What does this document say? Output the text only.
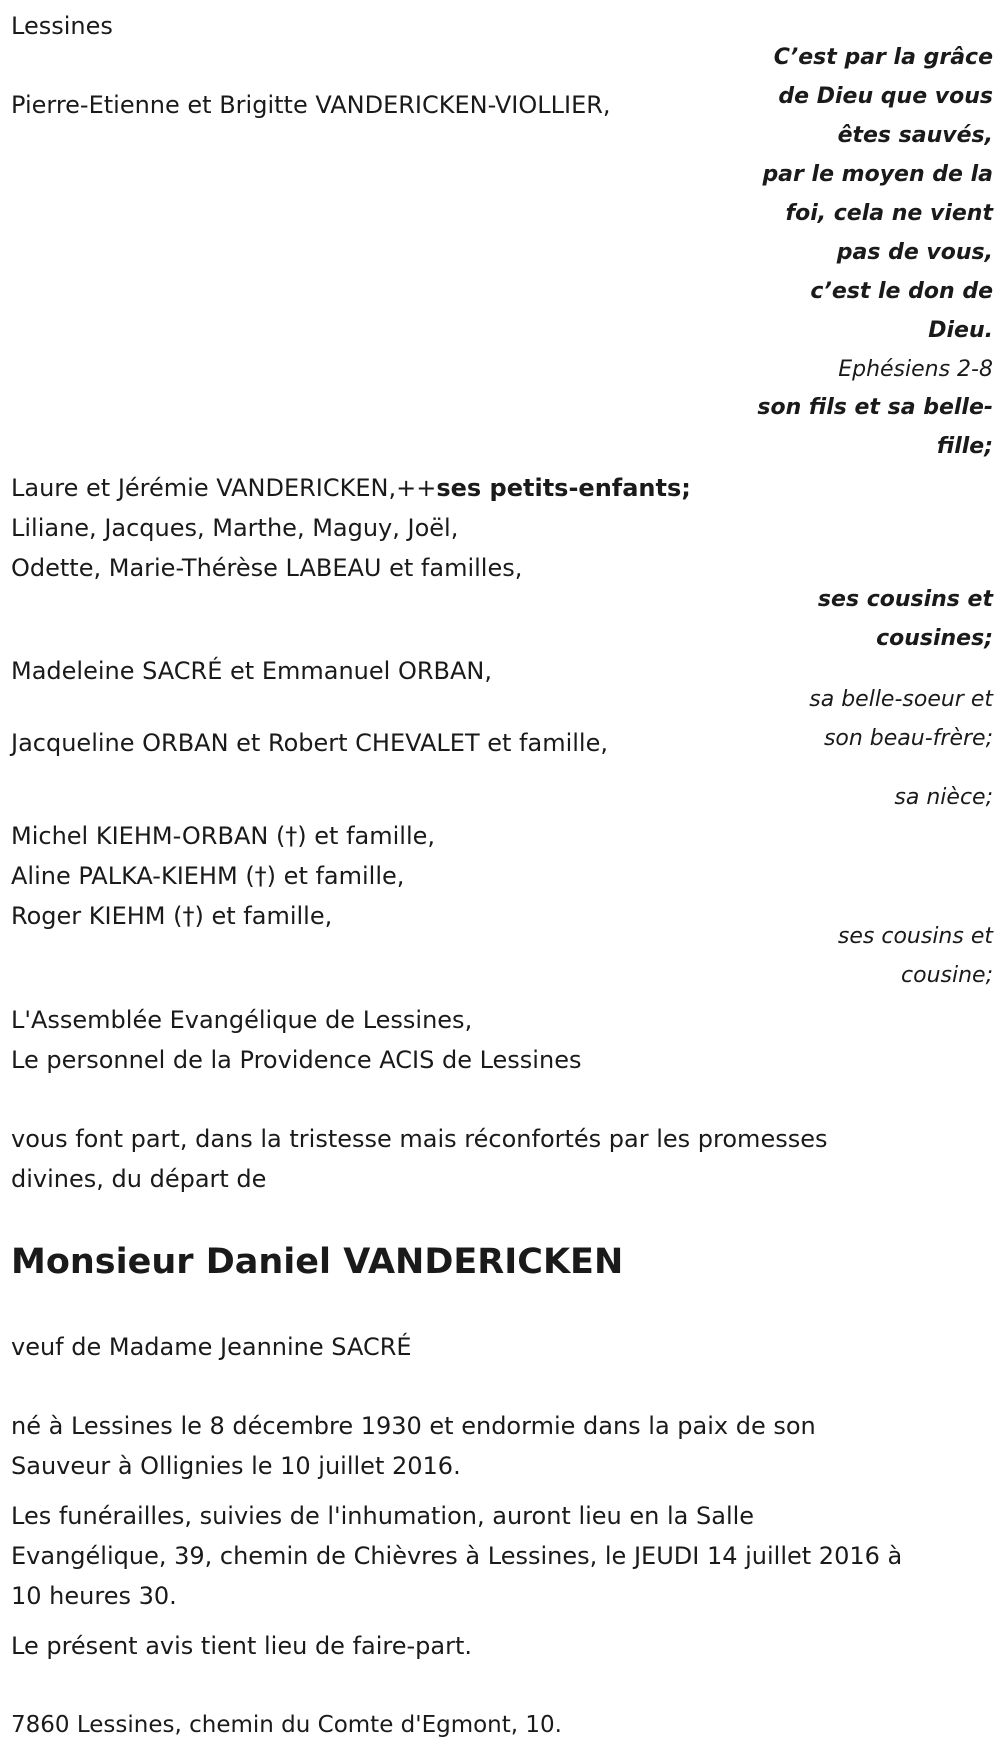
Lessines
Pierre-Etienne et Brigitte VANDERICKEN-VIOLLIER,
Laure et Jérémie VANDERICKEN,++ses petits-enfants;
Liliane, Jacques, Marthe, Maguy, Joël,
Odette, Marie-Thérèse LABEAU et familles,
Madeleine SACRÉ et Emmanuel ORBAN,
Jacqueline ORBAN et Robert CHEVALET et famille,
Michel KIEHM-ORBAN (†) et famille,
Aline PALKA-KIEHM (†) et famille,
Roger KIEHM (†) et famille,
L'Assemblée Evangélique de Lessines,
Le personnel de la Providence ACIS de Lessines
vous font part, dans la tristesse mais réconfortés par les promesses
divines, du départ de
Monsieur Daniel VANDERICKEN
veuf de Madame Jeannine SACRÉ
né à Lessines le 8 décembre 1930 et endormie dans la paix de son
Sauveur à Ollignies le 10 juillet 2016.
Les funérailles, suivies de l'inhumation, auront lieu en la Salle
Evangélique, 39, chemin de Chièvres à Lessines, le JEUDI 14 juillet 2016 à
10 heures 30.
Le présent avis tient lieu de faire-part.
7860 Lessines, chemin du Comte d'Egmont, 10.
C’est par la grâce
de Dieu que vous
êtes sauvés,
par le moyen de la
foi, cela ne vient
pas de vous,
c’est le don de
Dieu.
Ephésiens 2-8
son fils et sa belle-
fille;
ses cousins et
cousines;
sa belle-soeur et
son beau-frère;
sa nièce;
ses cousins et
cousine;
